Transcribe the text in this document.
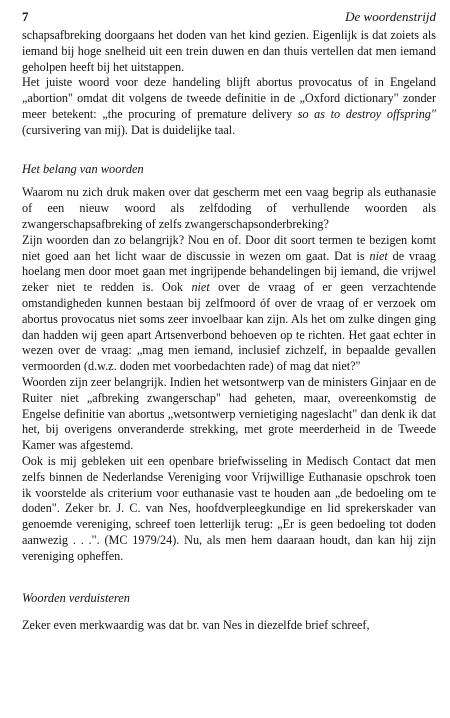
7	De woordenstrijd

schapsafbreking doorgaans het doden van het kind gezien. Eigenlijk is dat zoiets als iemand bij hoge snelheid uit een trein duwen en dan thuis vertellen dat men iemand geholpen heeft bij het uitstappen.

Het juiste woord voor deze handeling blijft abortus provocatus of in Engeland „abortion" omdat dit volgens de tweede definitie in de „Oxford dictionary" zonder meer betekent: „the procuring of premature delivery so as to destroy offspring" (cursivering van mij). Dat is duidelijke taal.

Het belang van woorden

Waarom nu zich druk maken over dat gescherm met een vaag begrip als euthanasie of een nieuw woord als zelfdoding of verhullende woorden als zwangerschapsafbreking of zelfs zwangerschapsonderbreking?

Zijn woorden dan zo belangrijk? Nou en of. Door dit soort termen te bezigen komt niet goed aan het licht waar de discussie in wezen om gaat. Dat is niet de vraag hoelang men door moet gaan met ingrijpende behandelingen bij iemand, die vrijwel zeker niet te redden is. Ook niet over de vraag of er geen verzachtende omstandigheden kunnen bestaan bij zelfmoord óf over de vraag of er verzoek om abortus provocatus niet soms zeer invoelbaar kan zijn. Als het om zulke dingen ging dan hadden wij geen apart Artsenverbond behoeven op te richten. Het gaat echter in wezen over de vraag: „mag men iemand, inclusief zichzelf, in bepaalde gevallen vermoorden (d.w.z. doden met voorbedachten rade) of mag dat niet?"

Woorden zijn zeer belangrijk. Indien het wetsontwerp van de ministers Ginjaar en de Ruiter niet „afbreking zwangerschap" had geheten, maar, overeenkomstig de Engelse definitie van abortus „wetsontwerp vernietiging nageslacht" dan denk ik dat het, bij overigens onveranderde strekking, met grote meerderheid in de Tweede Kamer was afgestemd.

Ook is mij gebleken uit een openbare briefwisseling in Medisch Contact dat men zelfs binnen de Nederlandse Vereniging voor Vrijwillige Euthanasie opschrok toen ik voorstelde als criterium voor euthanasie vast te houden aan „de bedoeling om te doden". Zeker br. J. C. van Nes, hoofdverpleegkundige en lid sprekerskader van genoemde vereniging, schreef toen letterlijk terug: „Er is geen bedoeling tot doden aanwezig . . .". (MC 1979/24). Nu, als men hem daaraan houdt, dan kan hij zijn vereniging opheffen.

Woorden verduisteren

Zeker even merkwaardig was dat br. van Nes in diezelfde brief schreef,
